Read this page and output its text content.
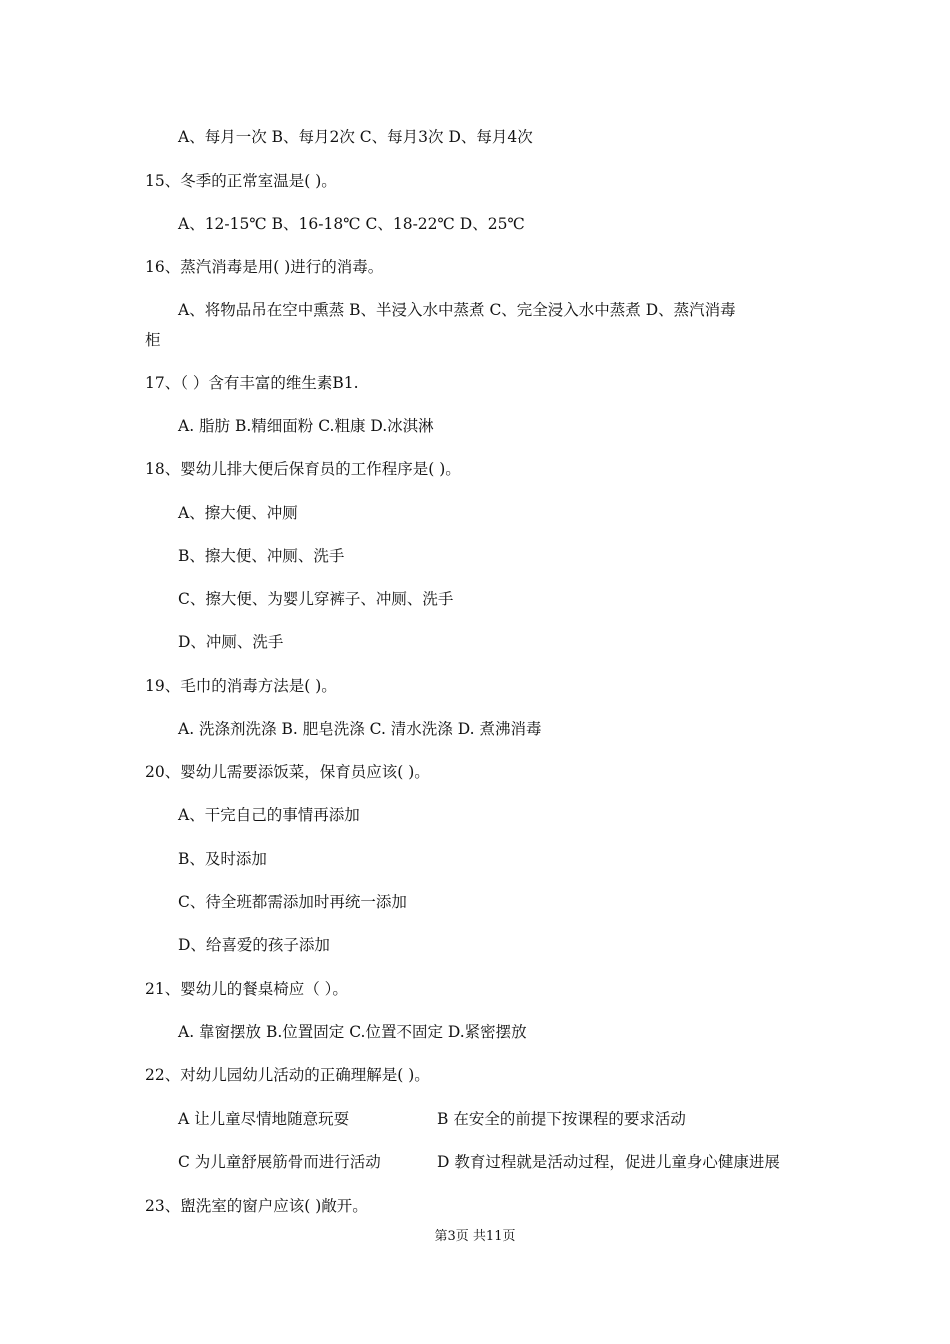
A、每月一次 B、每月2次 C、每月3次 D、每月4次
15、冬季的正常室温是( )。
A、12-15℃ B、16-18℃ C、18-22℃ D、25℃
16、蒸汽消毒是用( )进行的消毒。
A、将物品吊在空中熏蒸 B、半浸入水中蒸煮 C、完全浸入水中蒸煮 D、蒸汽消毒
柜
17、（ ）含有丰富的维生素B1.
A. 脂肪 B.精细面粉 C.粗康 D.冰淇淋
18、婴幼儿排大便后保育员的工作程序是( )。
A、擦大便、冲厕
B、擦大便、冲厕、洗手
C、擦大便、为婴儿穿裤子、冲厕、洗手
D、冲厕、洗手
19、毛巾的消毒方法是( )。
A. 洗涤剂洗涤 B. 肥皂洗涤 C. 清水洗涤 D. 煮沸消毒
20、婴幼儿需要添饭菜，保育员应该( )。
A、干完自己的事情再添加
B、及时添加
C、待全班都需添加时再统一添加
D、给喜爱的孩子添加
21、婴幼儿的餐桌椅应（ ）。
A. 靠窗摆放 B.位置固定 C.位置不固定 D.紧密摆放
22、对幼儿园幼儿活动的正确理解是( )。
A 让儿童尽情地随意玩耍	B 在安全的前提下按课程的要求活动
C 为儿童舒展筋骨而进行活动	D 教育过程就是活动过程，促进儿童身心健康进展
23、盥洗室的窗户应该( )敞开。
第3页 共11页
